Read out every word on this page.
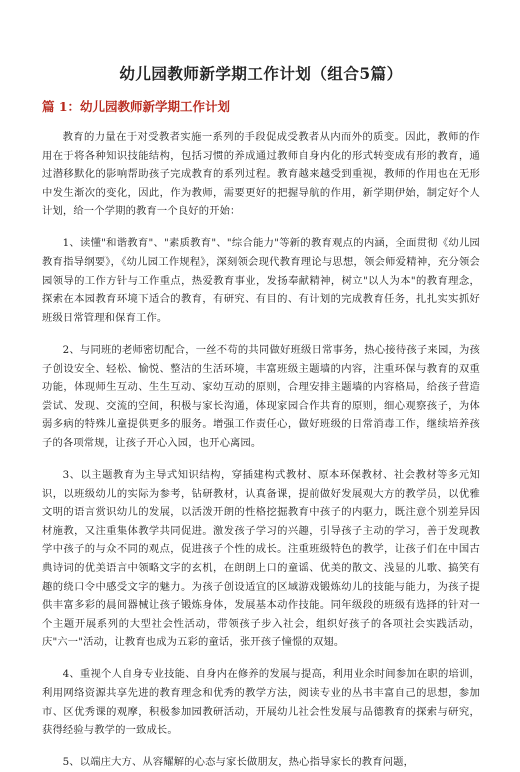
幼儿园教师新学期工作计划（组合5篇）
篇 1：幼儿园教师新学期工作计划

教育的力量在于对受教者实施一系列的手段促成受教者从内而外的质变。因此，教师的作用在于将各种知识技能结构，包括习惯的养成通过教师自身内化的形式转变成有形的教育，通过潜移默化的影响帮助孩子完成教育的系列过程。教育越来越受到重视，教师的作用也在无形中发生渐次的变化，因此，作为教师，需要更好的把握导航的作用，新学期伊始，制定好个人计划，给一个学期的教育一个良好的开始：

1、读懂"和谐教育"、"素质教育"、"综合能力"等新的教育观点的内涵，全面贯彻《幼儿园教育指导纲要》，《幼儿园工作规程》，深刻领会现代教育理论与思想，领会师爱精神，充分领会园领导的工作方针与工作重点，热爱教育事业，发扬奉献精神，树立"以人为本"的教育理念，探索在本园教育环境下适合的教育，有研究、有目的、有计划的完成教育任务，扎扎实实抓好班级日常管理和保育工作。

2、与同班的老师密切配合，一丝不苟的共同做好班级日常事务，热心接待孩子来园，为孩子创设安全、轻松、愉悦、整洁的生活环境，丰富班级主题墙的内容，注重环保与教育的双重功能，体现师生互动、生生互动、家幼互动的原则，合理安排主题墙的内容格局，给孩子营造尝试、发现、交流的空间，积极与家长沟通，体现家园合作共育的原则，细心观察孩子，为体弱多病的特殊儿童提供更多的服务。增强工作责任心，做好班级的日常消毒工作，继续培养孩子的各项常规，让孩子开心入园，也开心离园。

3、以主题教育为主导式知识结构，穿插建构式教材、原本环保教材、社会教材等多元知识，以班级幼儿的实际为参考，钻研教材，认真备课，提前做好发展观大方的教学员，以优雅文明的语言赏识幼儿的发展，以活泼开朗的性格挖掘教育中孩子的内驱力，既注意个别差异因材施教，又注重集体教学共同促进。激发孩子学习的兴趣，引导孩子主动的学习，善于发现教学中孩子的与众不同的观点，促进孩子个性的成长。注重班级特色的教学，让孩子们在中国古典诗词的优美语言中领略文字的玄机，在朗朗上口的童谣、优美的散文、浅显的儿歌、搞笑有趣的绕口令中感受文字的魅力。为孩子创设适宜的区域游戏锻炼幼儿的技能与能力，为孩子提供丰富多彩的晨间器械让孩子锻炼身体，发展基本动作技能。同年级段的班级有选择的针对一个主题开展系列的大型社会性活动，带领孩子步入社会，组织好孩子的各项社会实践活动，庆"六一"活动，让教育也成为五彩的童话，张开孩子憧憬的双翅。

4、重视个人自身专业技能、自身内在修养的发展与提高，利用业余时间参加在职的培训，利用网络资源共享先进的教育理念和优秀的教学方法，阅读专业的丛书丰富自己的思想，参加市、区优秀课的观摩，积极参加园教研活动，开展幼儿社会性发展与品德教育的探索与研究，获得经验与教学的一致成长。

5、以端庄大方、从容耀解的心态与家长做朋友，热心指导家长的教育问题，
